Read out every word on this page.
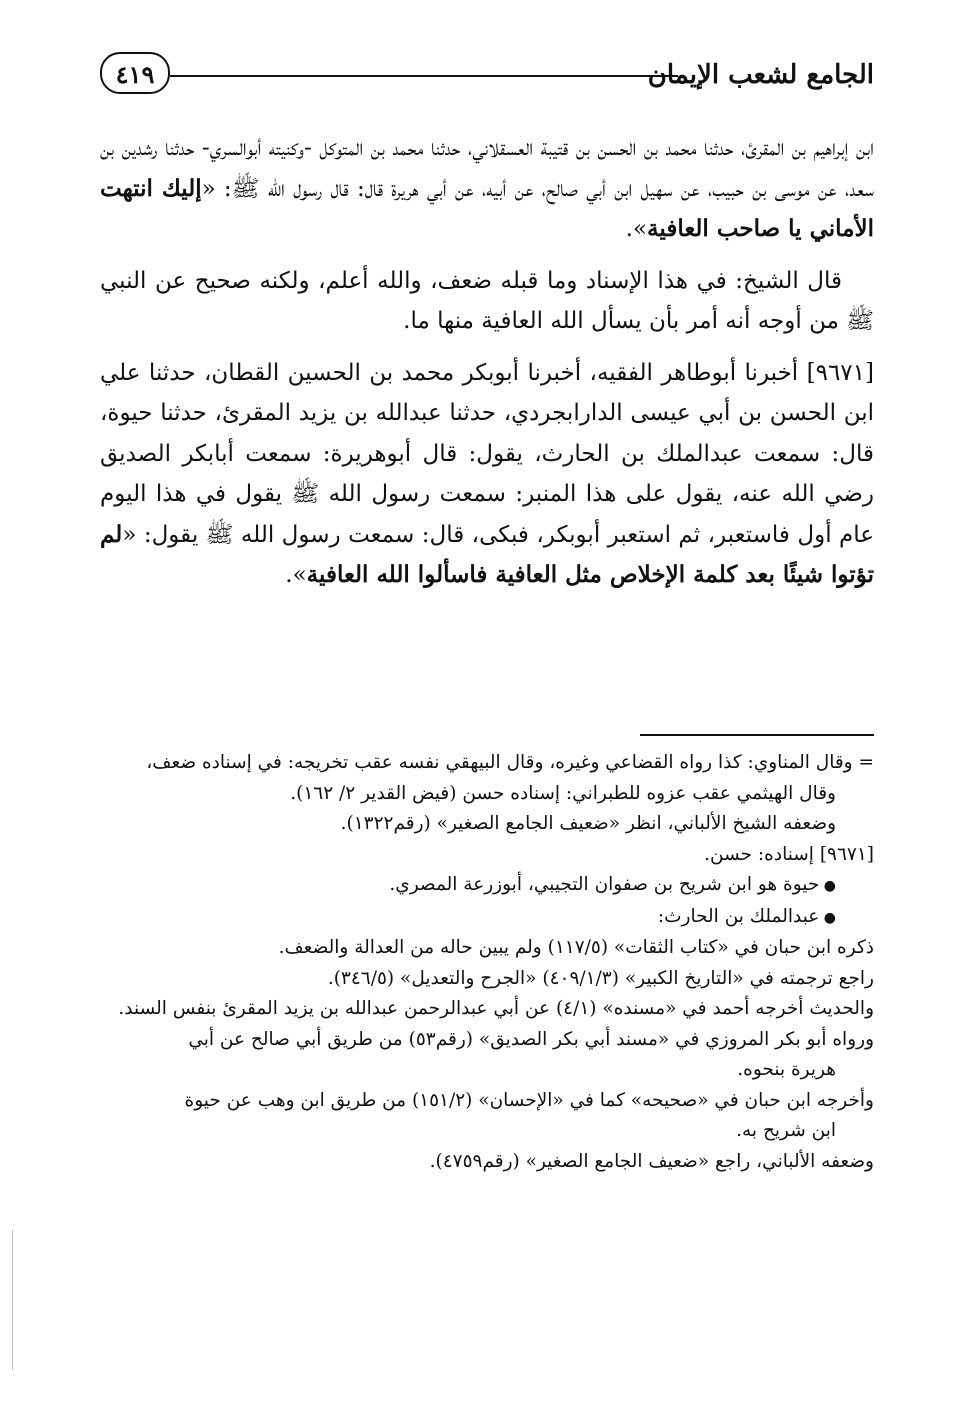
الجامع لشعب الإيمان
٤١٩

ابن إبراهيم بن المقرئ، حدثنا محمد بن الحسن بن قتيبة العسقلاني، حدثنا محمد بن المتوكل -وكنيته أبوالسري- حدثنا رشدين بن سعد، عن موسى بن حبيب، عن سهيل ابن أبي صالح، عن أبيه، عن أبي هريرة قال: قال رسول الله ﷺ: «إليك انتهت الأماني يا صاحب العافية».

قال الشيخ: في هذا الإسناد وما قبله ضعف، والله أعلم، ولكنه صحيح عن النبي ﷺ من أوجه أنه أمر بأن يسأل الله العافية منها ما.

[٩٦٧١] أخبرنا أبوطاهر الفقيه، أخبرنا أبوبكر محمد بن الحسين القطان، حدثنا علي ابن الحسن بن أبي عيسى الدارابجردي، حدثنا عبدالله بن يزيد المقرئ، حدثنا حيوة، قال: سمعت عبدالملك بن الحارث، يقول: قال أبوهريرة: سمعت أبابكر الصديق رضي الله عنه، يقول على هذا المنبر: سمعت رسول الله ﷺ يقول في هذا اليوم عام أول فاستعبر، ثم استعبر أبوبكر، فبكى، قال: سمعت رسول الله ﷺ يقول: «لم تؤتوا شيئًا بعد كلمة الإخلاص مثل العافية فاسألوا الله العافية».

= وقال المناوي: كذا رواه القضاعي وغيره، وقال البيهقي نفسه عقب تخريجه: في إسناده ضعف،

وقال الهيثمي عقب عزوه للطبراني: إسناده حسن (فيض القدير ٢/ ١٦٢).

وضعفه الشيخ الألباني، انظر «ضعيف الجامع الصغير» (رقم١٣٢٢).

[٩٦٧١] إسناده: حسن.

● حيوة هو ابن شريح بن صفوان التجيبي، أبوزرعة المصري.

● عبدالملك بن الحارث:

ذكره ابن حبان في «كتاب الثقات» (١١٧/٥) ولم يبين حاله من العدالة والضعف.

راجع ترجمته في «التاريخ الكبير» (٤٠٩/١/٣) «الجرح والتعديل» (٣٤٦/٥).

والحديث أخرجه أحمد في «مسنده» (٤/١) عن أبي عبدالرحمن عبدالله بن يزيد المقرئ بنفس السند.

ورواه أبو بكر المروزي في «مسند أبي بكر الصديق» (رقم٥٣) من طريق أبي صالح عن أبي

هريرة بنحوه.

وأخرجه ابن حبان في «صحيحه» كما في «الإحسان» (١٥١/٢) من طريق ابن وهب عن حيوة

ابن شريح به.

وضعفه الألباني، راجع «ضعيف الجامع الصغير» (رقم٤٧٥٩).
